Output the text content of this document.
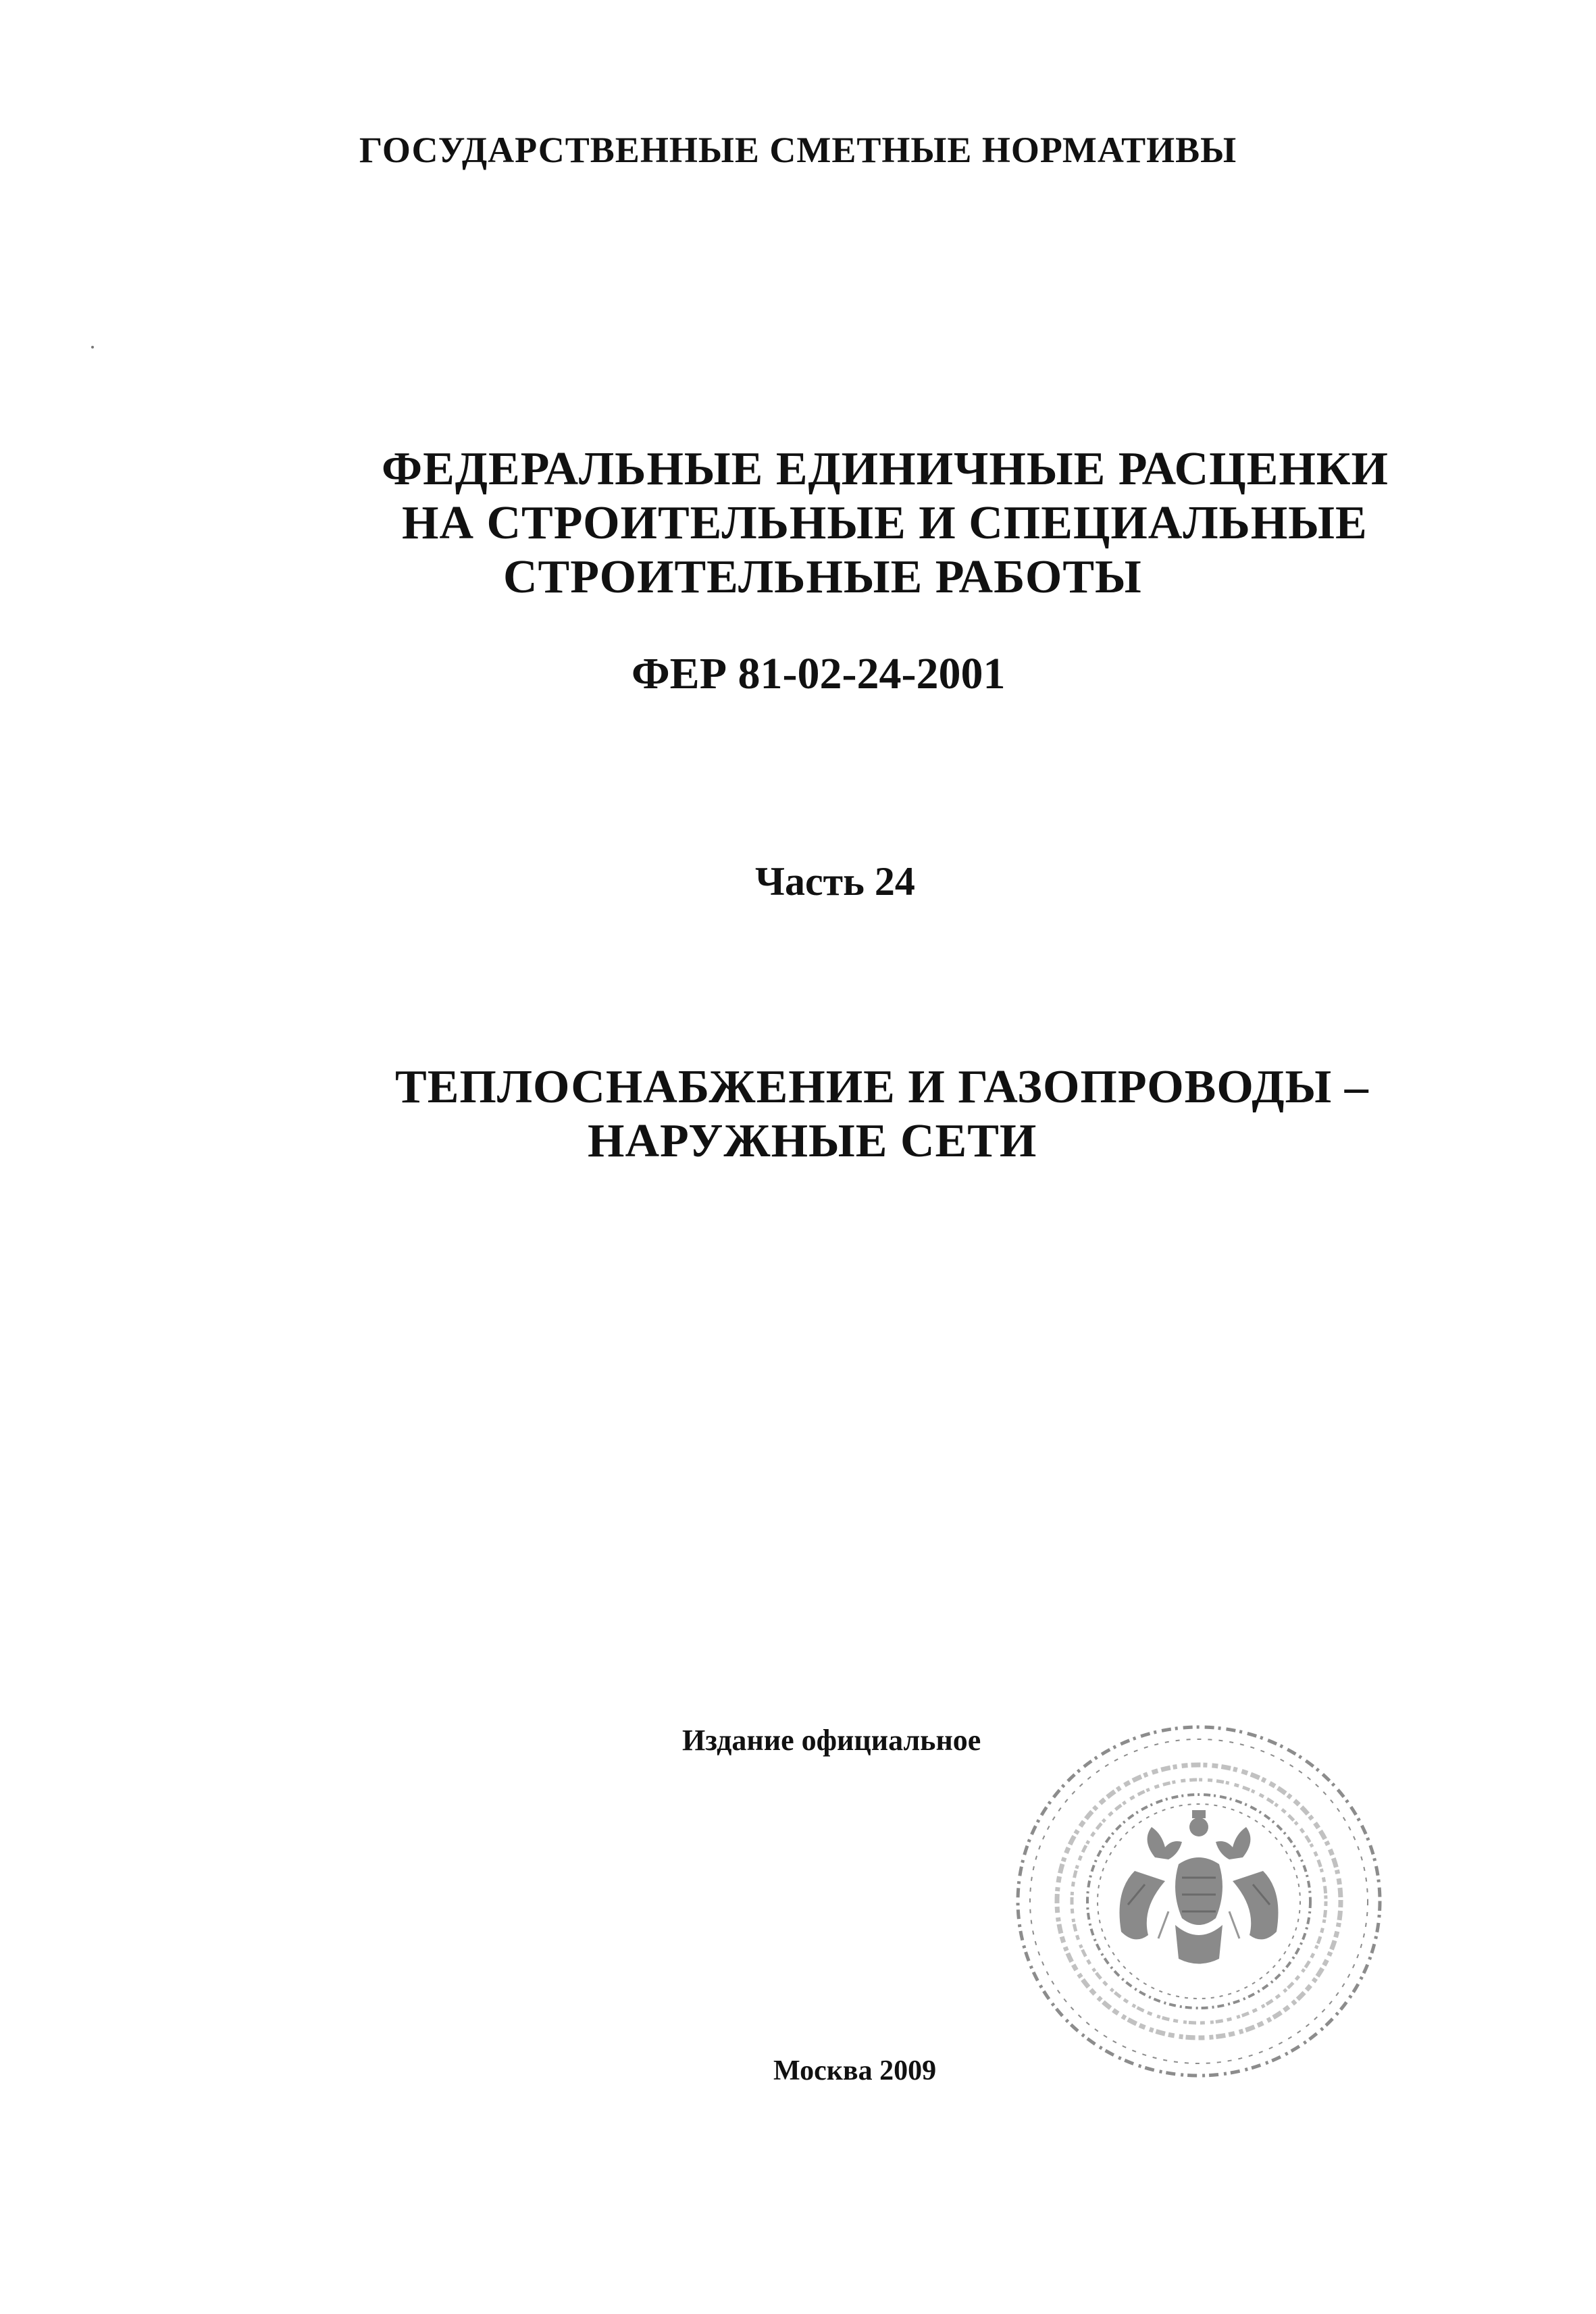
ГОСУДАРСТВЕННЫЕ СМЕТНЫЕ НОРМАТИВЫ
ФЕДЕРАЛЬНЫЕ ЕДИНИЧНЫЕ РАСЦЕНКИ
НА СТРОИТЕЛЬНЫЕ И СПЕЦИАЛЬНЫЕ
СТРОИТЕЛЬНЫЕ РАБОТЫ
ФЕР 81-02-24-2001
Часть 24
ТЕПЛОСНАБЖЕНИЕ И ГАЗОПРОВОДЫ –
НАРУЖНЫЕ СЕТИ
Издание официальное
Москва 2009
